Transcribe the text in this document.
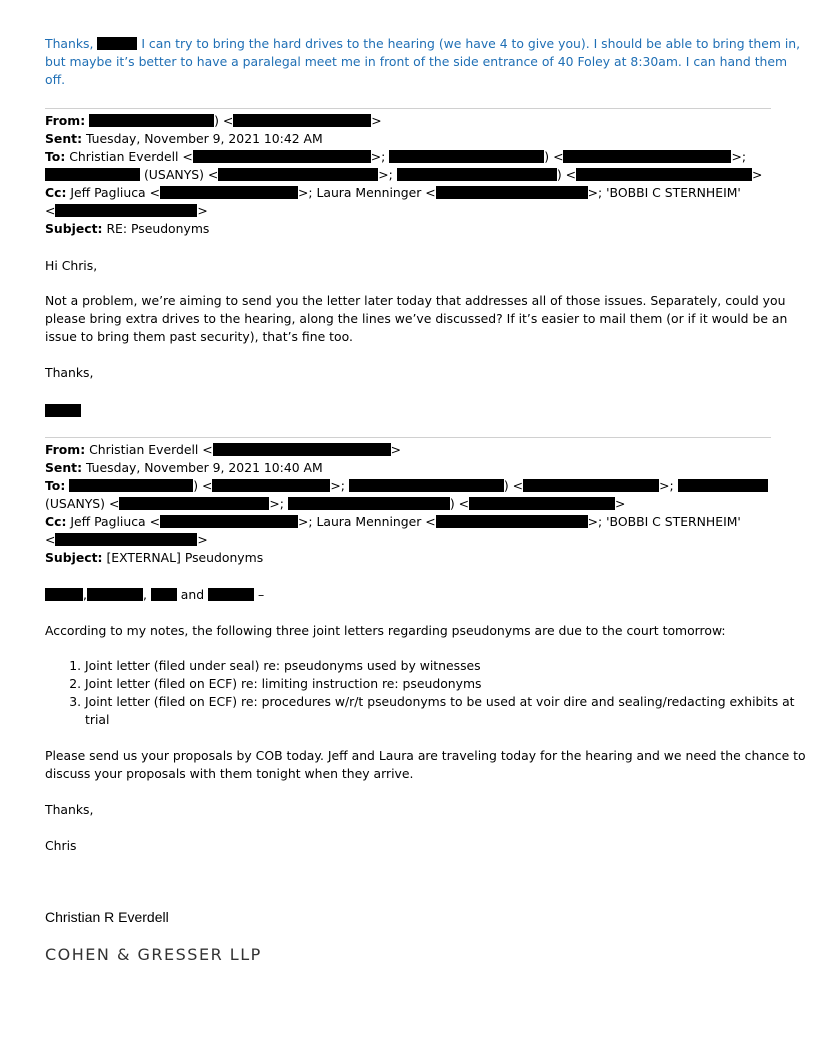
Thanks,	I can try to bring the hard drives to the hearing (we have 4 to give you). I should be able to bring them in,
but maybe it’s better to have a paralegal meet me in front of the side entrance of 40 Foley at 8:30am. I can hand them
off.
From:	) <	>
Sent: Tuesday, November 9, 2021 10:42 AM
To: Christian Everdell <	>;	) <	>;
(USANYS) <	>;	) <	>
Cc: Jeff Pagliuca <	>; Laura Menninger <	>; 'BOBBI C STERNHEIM'
<	>
Subject: RE: Pseudonyms
Hi Chris,
Not a problem, we’re aiming to send you the letter later today that addresses all of those issues. Separately, could you
please bring extra drives to the hearing, along the lines we’ve discussed? If it’s easier to mail them (or if it would be an
issue to bring them past security), that’s fine too.
Thanks,
From: Christian Everdell <	>
Sent: Tuesday, November 9, 2021 10:40 AM
To:	) <	>;	) <	>;
(USANYS) <	>;	) <	>
Cc: Jeff Pagliuca <	>; Laura Menninger <	>; 'BOBBI C STERNHEIM'
<	>
Subject: [EXTERNAL] Pseudonyms
,	,  and	–
According to my notes, the following three joint letters regarding pseudonyms are due to the court tomorrow:
1. Joint letter (filed under seal) re: pseudonyms used by witnesses
2. Joint letter (filed on ECF) re: limiting instruction re: pseudonyms
3. Joint letter (filed on ECF) re: procedures w/r/t pseudonyms to be used at voir dire and sealing/redacting exhibits at
trial
Please send us your proposals by COB today. Jeff and Laura are traveling today for the hearing and we need the chance to
discuss your proposals with them tonight when they arrive.
Thanks,
Chris
Christian R Everdell
COHEN & GRESSER LLP
